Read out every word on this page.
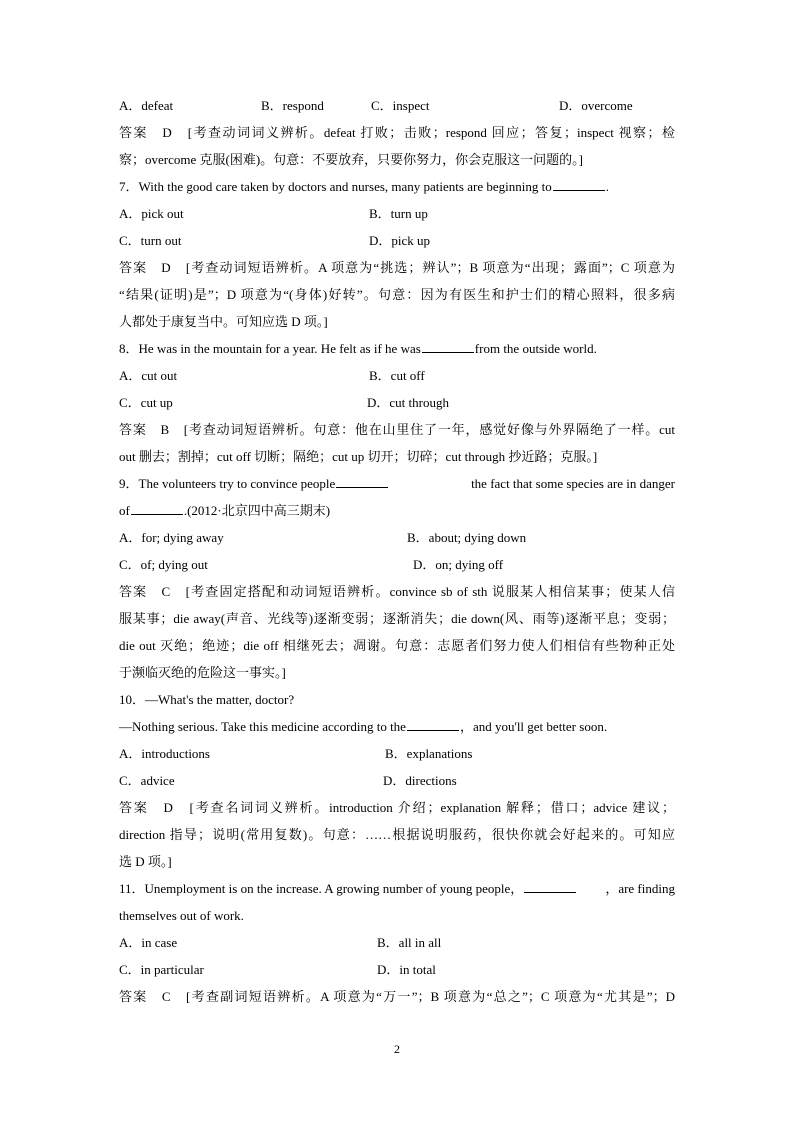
A．defeat	B．respond	C．inspect	D．overcome
答案　D　[考查动词词义辨析。defeat 打败；击败；respond 回应；答复；inspect 视察；检
察；overcome 克服(困难)。句意：不要放弃，只要你努力，你会克服这一问题的。]
7．With the good care taken by doctors and nurses, many patients are beginning to	.
A．pick out	B．turn up
C．turn out	D．pick up
答案　D　[考查动词短语辨析。A 项意为“挑选；辨认”；B 项意为“出现；露面”；C 项意为
“结果(证明)是”；D 项意为“(身体)好转”。句意：因为有医生和护士们的精心照料，很多病
人都处于康复当中。可知应选 D 项。]
8．He was in the mountain for a year. He felt as if he was	from the outside world.
A．cut out	B．cut off
C．cut up	D．cut through
答案　B　[考查动词短语辨析。句意：他在山里住了一年，感觉好像与外界隔绝了一样。cut
out 删去；割掉；cut off 切断；隔绝；cut up 切开；切碎；cut through 抄近路；克服。]
9．The volunteers try to convince people	the fact that some species are in danger
of	.(2012·北京四中高三期末)
A．for; dying away	B．about; dying down
C．of; dying out	D．on; dying off
答案　C　[考查固定搭配和动词短语辨析。convince sb of sth 说服某人相信某事；使某人信
服某事；die away(声音、光线等)逐渐变弱；逐渐消失；die down(风、雨等)逐渐平息；变弱；
die out 灭绝；绝迹；die off 相继死去；凋谢。句意：志愿者们努力使人们相信有些物种正处
于濒临灭绝的危险这一事实。]
10．—What's the matter, doctor?
—Nothing serious. Take this medicine according to the	，and you'll get better soon.
A．introductions	B．explanations
C．advice	D．directions
答案　D　[考查名词词义辨析。introduction 介绍；explanation 解释；借口；advice 建议；
direction 指导；说明(常用复数)。句意：……根据说明服药，很快你就会好起来的。可知应
选 D 项。]
11．Unemployment is on the increase. A growing number of young people，	，are finding
themselves out of work.
A．in case	B．all in all
C．in particular	D．in total
答案　C　[考查副词短语辨析。A 项意为“万一”；B 项意为“总之”；C 项意为“尤其是”；D
2
